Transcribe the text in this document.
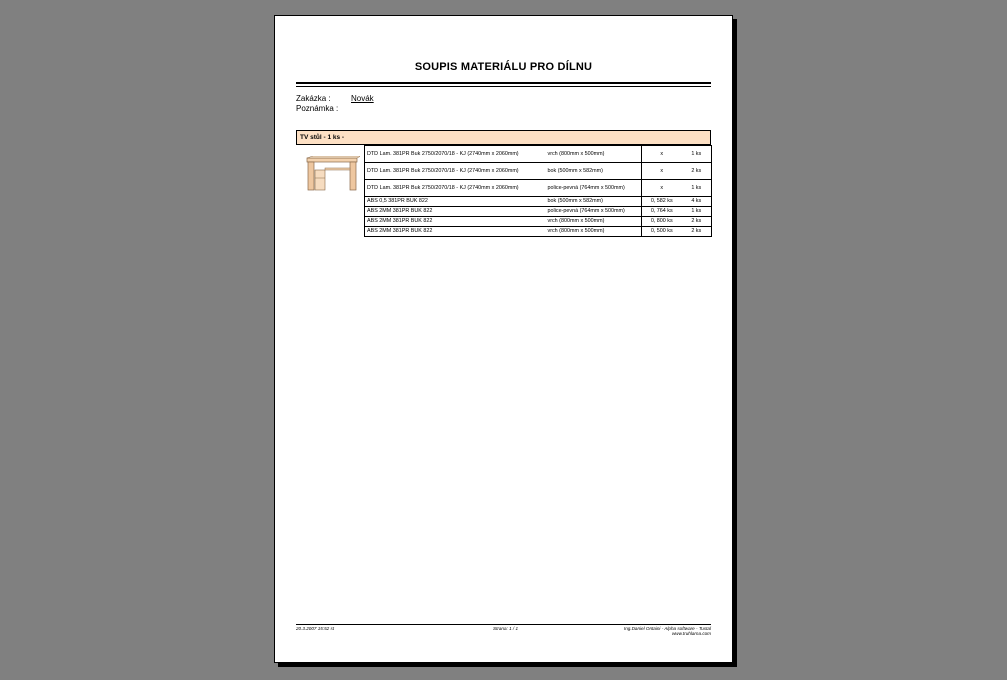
SOUPIS MATERIÁLU PRO DÍLNU
Zakázka :	Novák
Poznámka :
TV stůl - 1 ks -
DTD Lam. 381PR Buk 2750/2070/18 - KJ (2740mm x 2060mm)	vrch (800mm x 500mm)	x	1 ks
DTD Lam. 381PR Buk 2750/2070/18 - KJ (2740mm x 2060mm)	bok (500mm x 582mm)	x	2 ks
DTD Lam. 381PR Buk 2750/2070/18 - KJ (2740mm x 2060mm)	police-pevná (764mm x 500mm)	x	1 ks
ABS 0,5 381PR BUK 822	bok (500mm x 582mm)	0, 582 ks	4 ks
ABS 2MM 381PR BUK 822	police-pevná (764mm x 500mm)	0, 764 ks	1 ks
ABS 2MM 381PR BUK 822	vrch (800mm x 500mm)	0, 800 ks	2 ks
ABS 2MM 381PR BUK 822	vrch (800mm x 500mm)	0, 500 ks	2 ks
20.3.2007 15:52 st	Strana: 1 / 1	Ing.Daniel Ontaini - Alpha software - Tustal
www.truhlarna.com
